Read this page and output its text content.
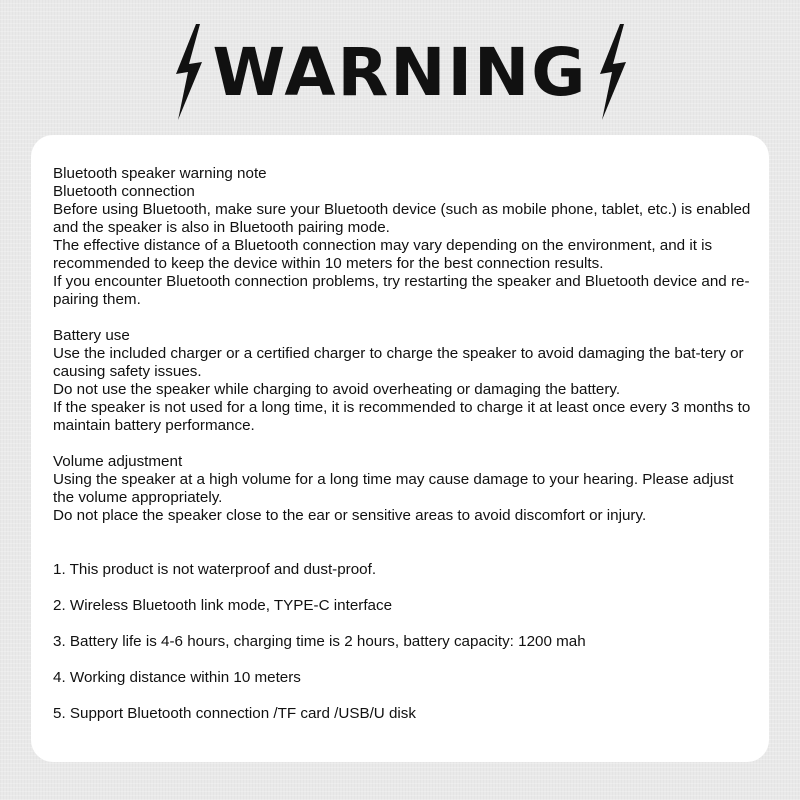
WARNING

Bluetooth speaker warning note

Bluetooth connection

Before using Bluetooth, make sure your Bluetooth device (such as mobile phone, tablet, etc.) is enabled and the speaker is also in Bluetooth pairing mode.

The effective distance of a Bluetooth connection may vary depending on the environment, and it is recommended to keep the device within 10 meters for the best connection results.

If you encounter Bluetooth connection problems, try restarting the speaker and Bluetooth device and re-pairing them.

Battery use

Use the included charger or a certified charger to charge the speaker to avoid damaging the bat-tery or causing safety issues.

Do not use the speaker while charging to avoid overheating or damaging the battery.

If the speaker is not used for a long time, it is recommended to charge it at least once every 3 months to maintain battery performance.

Volume adjustment

Using the speaker at a high volume for a long time may cause damage to your hearing. Please adjust the volume appropriately.

Do not place the speaker close to the ear or sensitive areas to avoid discomfort or injury.

1. This product is not waterproof and dust-proof.

2. Wireless Bluetooth link mode, TYPE-C interface

3. Battery life is 4-6 hours, charging time is 2 hours, battery capacity: 1200 mah

4. Working distance within 10 meters

5. Support Bluetooth connection /TF card /USB/U disk
